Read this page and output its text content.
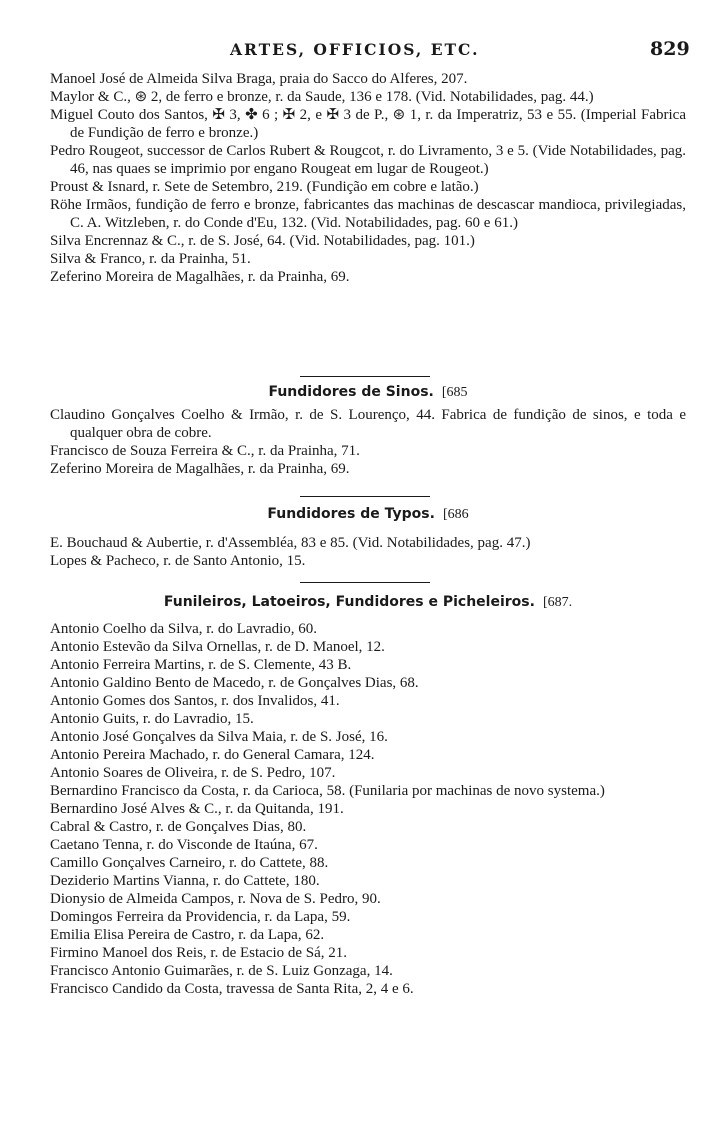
ARTES, OFFICIOS, ETC.	829
Manoel José de Almeida Silva Braga, praia do Sacco do Alferes, 207.
Maylor & C., ⊛ 2, de ferro e bronze, r. da Saude, 136 e 178. (Vid. Notabilidades, pag. 44.)
Miguel Couto dos Santos, ✠ 3, ✤ 6 ; ✠ 2, e ✠ 3 de P., ⊛ 1, r. da Imperatriz, 53 e 55. (Imperial Fabrica de Fundição de ferro e bronze.)
Pedro Rougeot, successor de Carlos Rubert & Rougcot, r. do Livramento, 3 e 5. (Vide Notabilidades, pag. 46, nas quaes se imprimio por engano Rougeat em lugar de Rougeot.)
Proust & Isnard, r. Sete de Setembro, 219. (Fundição em cobre e latão.)
Röhe Irmãos, fundição de ferro e bronze, fabricantes das machinas de descascar mandioca, privilegiadas, C. A. Witzleben, r. do Conde d'Eu, 132. (Vid. Notabilidades, pag. 60 e 61.)
Silva Encrennaz & C., r. de S. José, 64. (Vid. Notabilidades, pag. 101.)
Silva & Franco, r. da Prainha, 51.
Zeferino Moreira de Magalhães, r. da Prainha, 69.
Fundidores de Sinos. [685
Claudino Gonçalves Coelho & Irmão, r. de S. Lourenço, 44. Fabrica de fundição de sinos, e toda e qualquer obra de cobre.
Francisco de Souza Ferreira & C., r. da Prainha, 71.
Zeferino Moreira de Magalhães, r. da Prainha, 69.
Fundidores de Typos. [686
E. Bouchaud & Aubertie, r. d'Assembléa, 83 e 85. (Vid. Notabilidades, pag. 47.)
Lopes & Pacheco, r. de Santo Antonio, 15.
Funileiros, Latoeiros, Fundidores e Picheleiros. [687.
Antonio Coelho da Silva, r. do Lavradio, 60.
Antonio Estevão da Silva Ornellas, r. de D. Manoel, 12.
Antonio Ferreira Martins, r. de S. Clemente, 43 B.
Antonio Galdino Bento de Macedo, r. de Gonçalves Dias, 68.
Antonio Gomes dos Santos, r. dos Invalidos, 41.
Antonio Guits, r. do Lavradio, 15.
Antonio José Gonçalves da Silva Maia, r. de S. José, 16.
Antonio Pereira Machado, r. do General Camara, 124.
Antonio Soares de Oliveira, r. de S. Pedro, 107.
Bernardino Francisco da Costa, r. da Carioca, 58. (Funilaria por machinas de novo systema.)
Bernardino José Alves & C., r. da Quitanda, 191.
Cabral & Castro, r. de Gonçalves Dias, 80.
Caetano Tenna, r. do Visconde de Itaúna, 67.
Camillo Gonçalves Carneiro, r. do Cattete, 88.
Deziderio Martins Vianna, r. do Cattete, 180.
Dionysio de Almeida Campos, r. Nova de S. Pedro, 90.
Domingos Ferreira da Providencia, r. da Lapa, 59.
Emilia Elisa Pereira de Castro, r. da Lapa, 62.
Firmino Manoel dos Reis, r. de Estacio de Sá, 21.
Francisco Antonio Guimarães, r. de S. Luiz Gonzaga, 14.
Francisco Candido da Costa, travessa de Santa Rita, 2, 4 e 6.
